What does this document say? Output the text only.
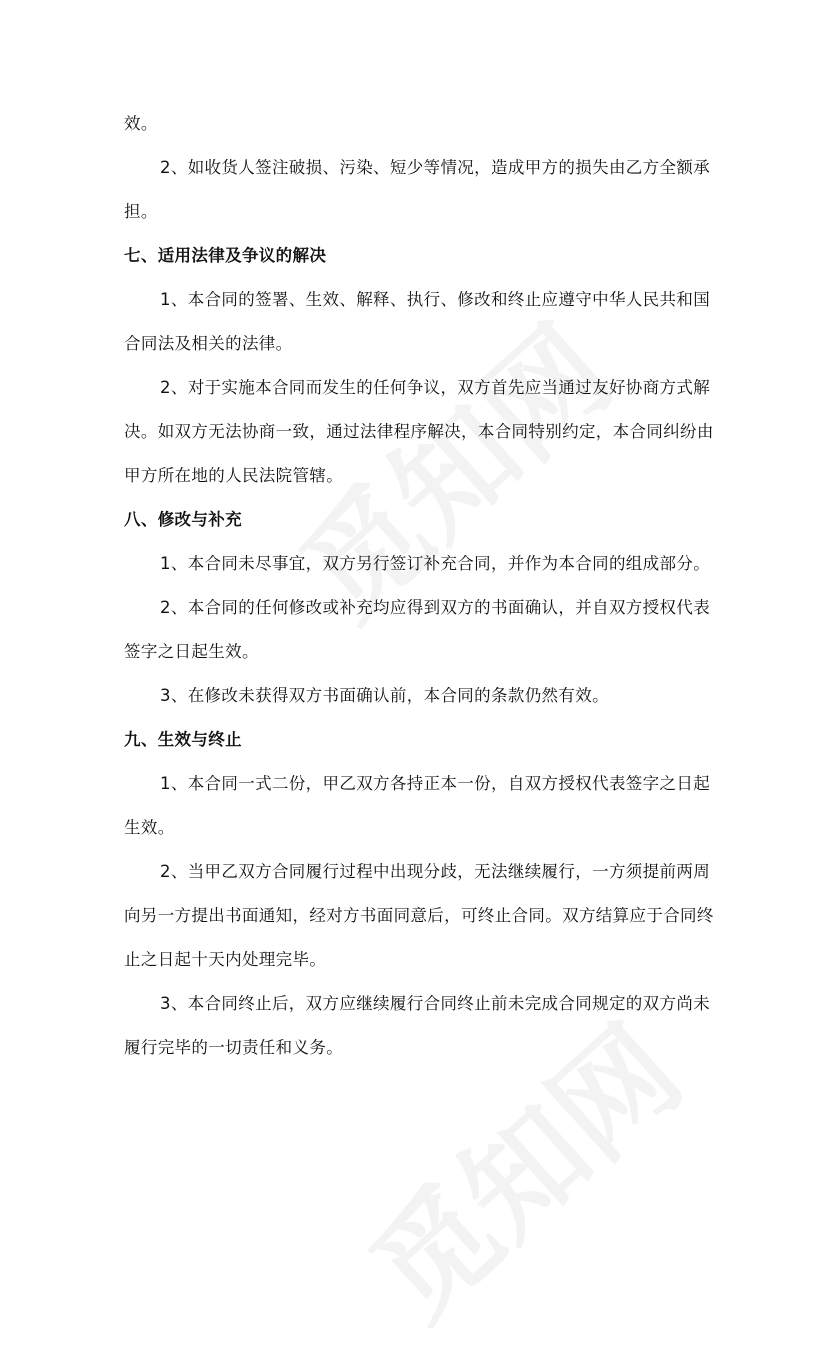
效。
2、如收货人签注破损、污染、短少等情况，造成甲方的损失由乙方全额承
担。
七、适用法律及争议的解决
1、本合同的签署、生效、解释、执行、修改和终止应遵守中华人民共和国
合同法及相关的法律。
2、对于实施本合同而发生的任何争议，双方首先应当通过友好协商方式解
决。如双方无法协商一致，通过法律程序解决，本合同特别约定，本合同纠纷由
甲方所在地的人民法院管辖。
八、修改与补充
1、本合同未尽事宜，双方另行签订补充合同，并作为本合同的组成部分。
2、本合同的任何修改或补充均应得到双方的书面确认，并自双方授权代表
签字之日起生效。
3、在修改未获得双方书面确认前，本合同的条款仍然有效。
九、生效与终止
1、本合同一式二份，甲乙双方各持正本一份，自双方授权代表签字之日起
生效。
2、当甲乙双方合同履行过程中出现分歧，无法继续履行，一方须提前两周
向另一方提出书面通知，经对方书面同意后，可终止合同。双方结算应于合同终
止之日起十天内处理完毕。
3、本合同终止后，双方应继续履行合同终止前未完成合同规定的双方尚未
履行完毕的一切责任和义务。
